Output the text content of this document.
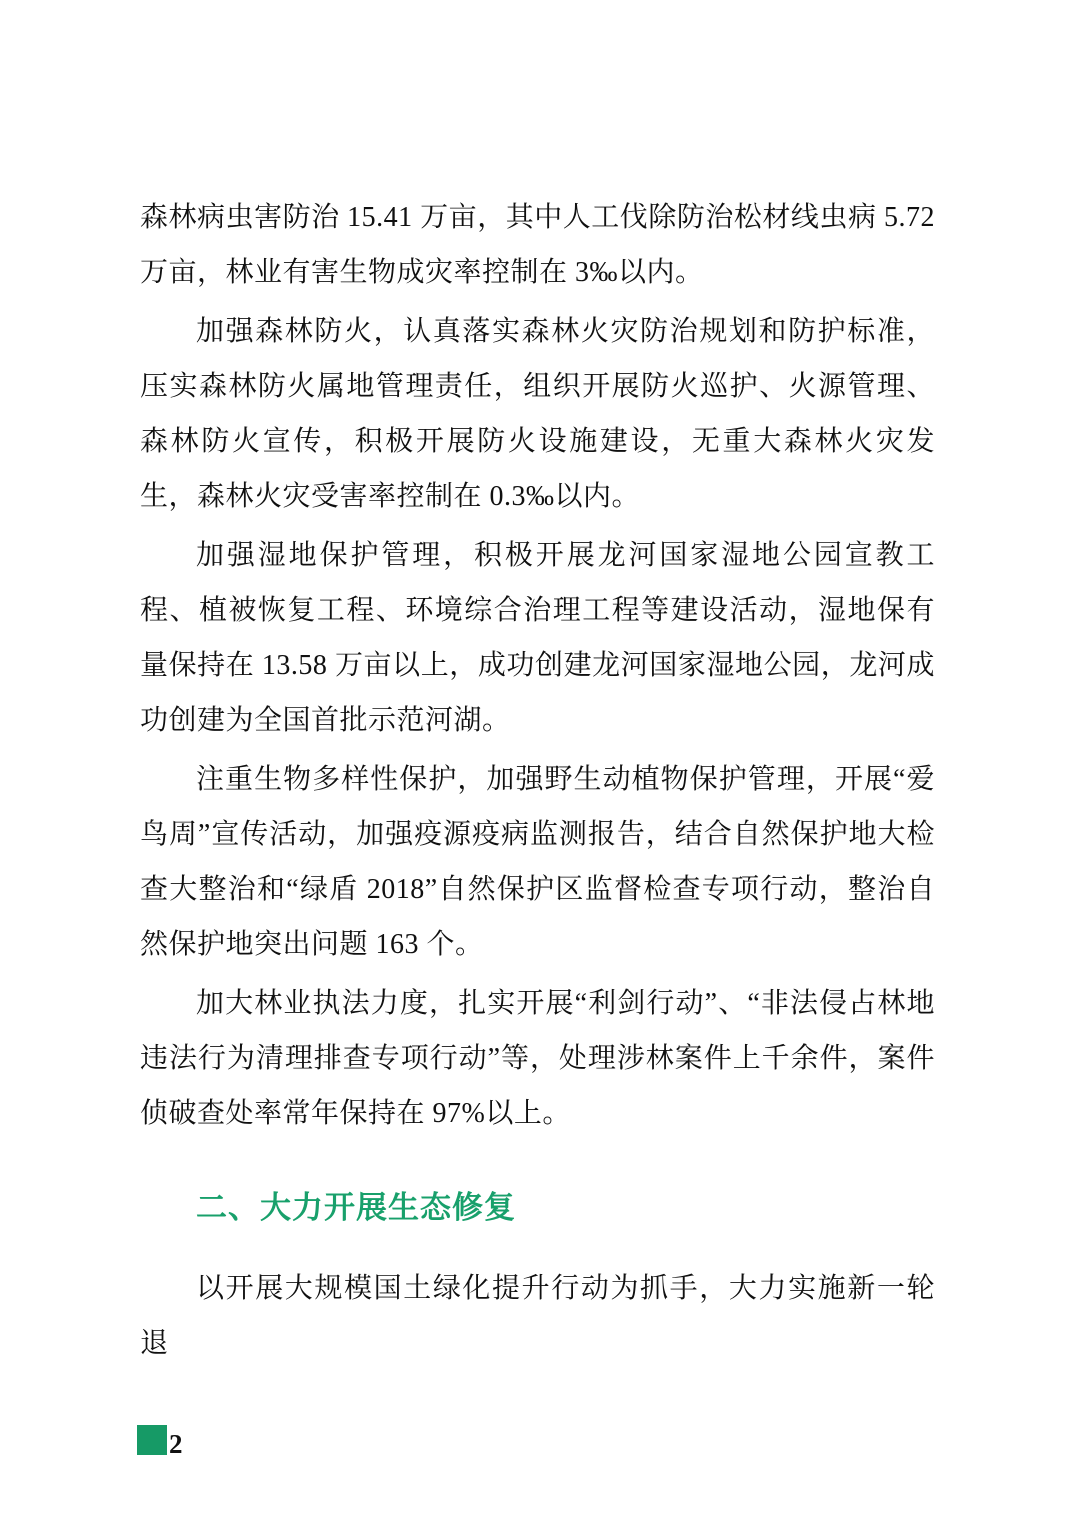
森林病虫害防治 15.41 万亩，其中人工伐除防治松材线虫病 5.72 万亩，林业有害生物成灾率控制在 3‰以内。

加强森林防火，认真落实森林火灾防治规划和防护标准，压实森林防火属地管理责任，组织开展防火巡护、火源管理、森林防火宣传，积极开展防火设施建设，无重大森林火灾发生，森林火灾受害率控制在 0.3‰以内。

加强湿地保护管理，积极开展龙河国家湿地公园宣教工程、植被恢复工程、环境综合治理工程等建设活动，湿地保有量保持在 13.58 万亩以上，成功创建龙河国家湿地公园，龙河成功创建为全国首批示范河湖。

注重生物多样性保护，加强野生动植物保护管理，开展“爱鸟周”宣传活动，加强疫源疫病监测报告，结合自然保护地大检查大整治和“绿盾 2018”自然保护区监督检查专项行动，整治自然保护地突出问题 163 个。

加大林业执法力度，扎实开展“利剑行动”、“非法侵占林地违法行为清理排查专项行动”等，处理涉林案件上千余件，案件侦破查处率常年保持在 97%以上。

二、大力开展生态修复

以开展大规模国土绿化提升行动为抓手，大力实施新一轮退

2
